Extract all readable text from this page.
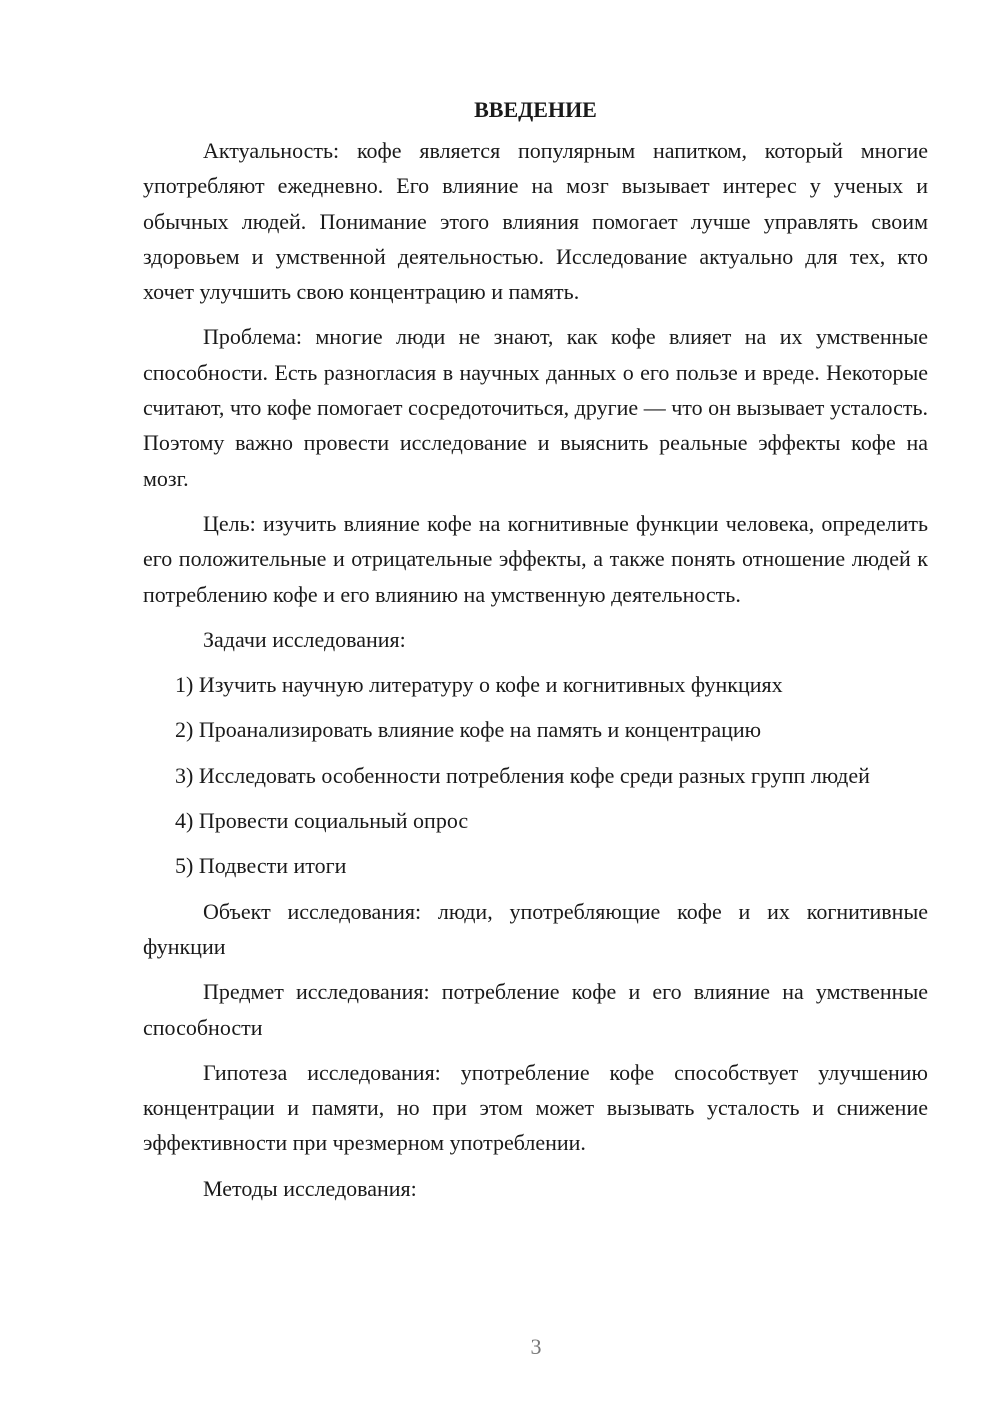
ВВЕДЕНИЕ

Актуальность: кофе является популярным напитком, который многие употребляют ежедневно. Его влияние на мозг вызывает интерес у ученых и обычных людей. Понимание этого влияния помогает лучше управлять своим здоровьем и умственной деятельностью. Исследование актуально для тех, кто хочет улучшить свою концентрацию и память.

Проблема: многие люди не знают, как кофе влияет на их умственные способности. Есть разногласия в научных данных о его пользе и вреде. Некоторые считают, что кофе помогает сосредоточиться, другие — что он вызывает усталость. Поэтому важно провести исследование и выяснить реальные эффекты кофе на мозг.

Цель: изучить влияние кофе на когнитивные функции человека, определить его положительные и отрицательные эффекты, а также понять отношение людей к потреблению кофе и его влиянию на умственную деятельность.

Задачи исследования:

1) Изучить научную литературу о кофе и когнитивных функциях

2) Проанализировать влияние кофе на память и концентрацию

3) Исследовать особенности потребления кофе среди разных групп людей

4) Провести социальный опрос

5) Подвести итоги

Объект исследования: люди, употребляющие кофе и их когнитивные функции

Предмет исследования: потребление кофе и его влияние на умственные способности

Гипотеза исследования: употребление кофе способствует улучшению концентрации и памяти, но при этом может вызывать усталость и снижение эффективности при чрезмерном употреблении.

Методы исследования:

3
